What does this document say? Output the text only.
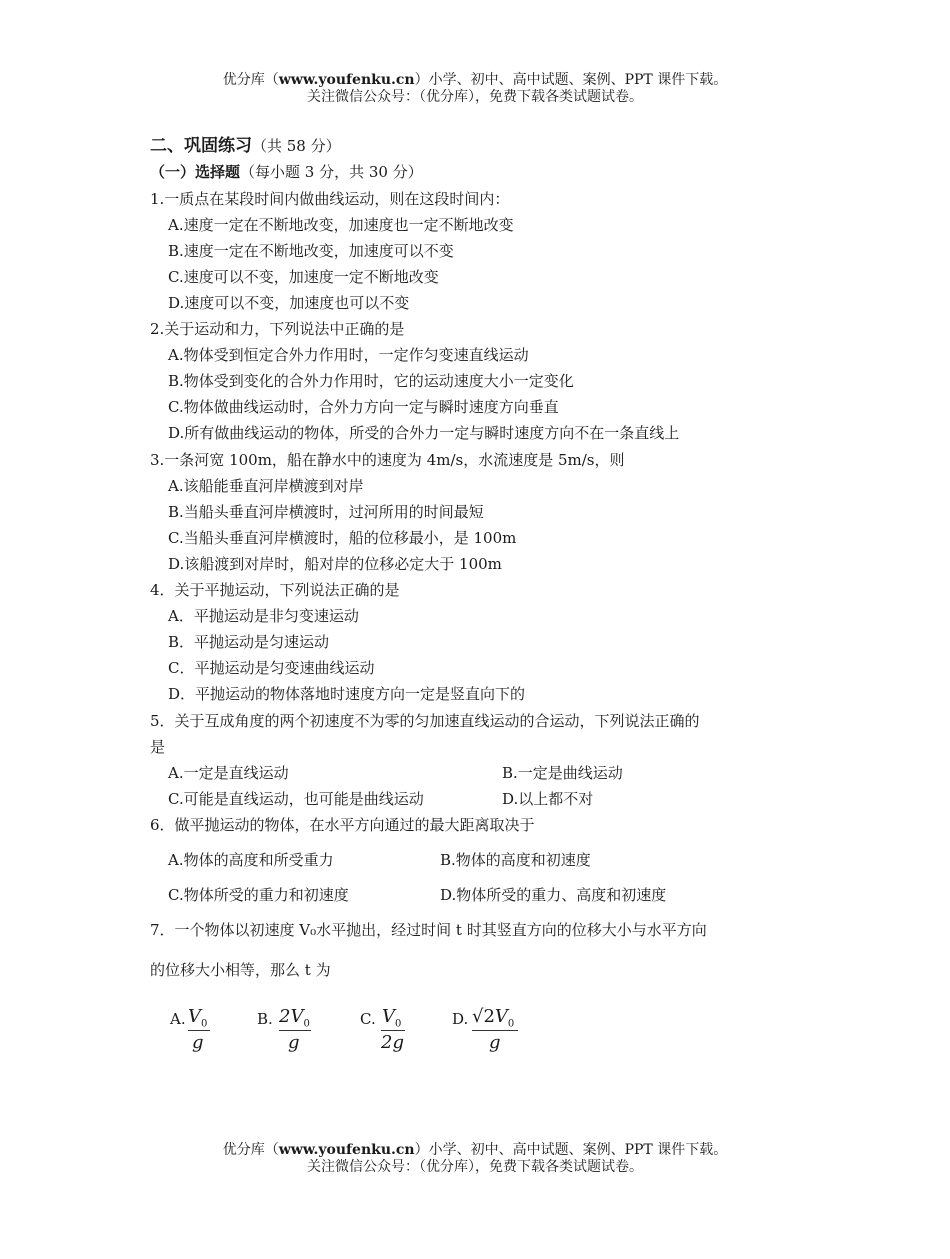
优分库（www.youfenku.cn）小学、初中、高中试题、案例、PPT 课件下载。
关注微信公众号：（优分库），免费下载各类试题试卷。
二、巩固练习（共 58 分）
（一）选择题（每小题 3 分，共 30 分）
1.一质点在某段时间内做曲线运动，则在这段时间内：
A.速度一定在不断地改变，加速度也一定不断地改变
B.速度一定在不断地改变，加速度可以不变
C.速度可以不变，加速度一定不断地改变
D.速度可以不变，加速度也可以不变
2.关于运动和力，下列说法中正确的是
A.物体受到恒定合外力作用时，一定作匀变速直线运动
B.物体受到变化的合外力作用时，它的运动速度大小一定变化
C.物体做曲线运动时，合外力方向一定与瞬时速度方向垂直
D.所有做曲线运动的物体，所受的合外力一定与瞬时速度方向不在一条直线上
3.一条河宽 100m，船在静水中的速度为 4m/s，水流速度是 5m/s，则
A.该船能垂直河岸横渡到对岸
B.当船头垂直河岸横渡时，过河所用的时间最短
C.当船头垂直河岸横渡时，船的位移最小，是 100m
D.该船渡到对岸时，船对岸的位移必定大于 100m
4．关于平抛运动，下列说法正确的是
A．平抛运动是非匀变速运动
B．平抛运动是匀速运动
C．平抛运动是匀变速曲线运动
D．平抛运动的物体落地时速度方向一定是竖直向下的
5．关于互成角度的两个初速度不为零的匀加速直线运动的合运动，下列说法正确的
是
A.一定是直线运动	B.一定是曲线运动
C.可能是直线运动，也可能是曲线运动	D.以上都不对
6．做平抛运动的物体，在水平方向通过的最大距离取决于
A.物体的高度和所受重力	B.物体的高度和初速度
C.物体所受的重力和初速度	D.物体所受的重力、高度和初速度
7．一个物体以初速度 V₀水平抛出，经过时间 t 时其竖直方向的位移大小与水平方向
的位移大小相等，那么 t 为
A. $V_0$
g
B. $2V_0$
g
C. $V_0$
2g
D. $√2V_0$
g
优分库（www.youfenku.cn）小学、初中、高中试题、案例、PPT 课件下载。
关注微信公众号：（优分库），免费下载各类试题试卷。
